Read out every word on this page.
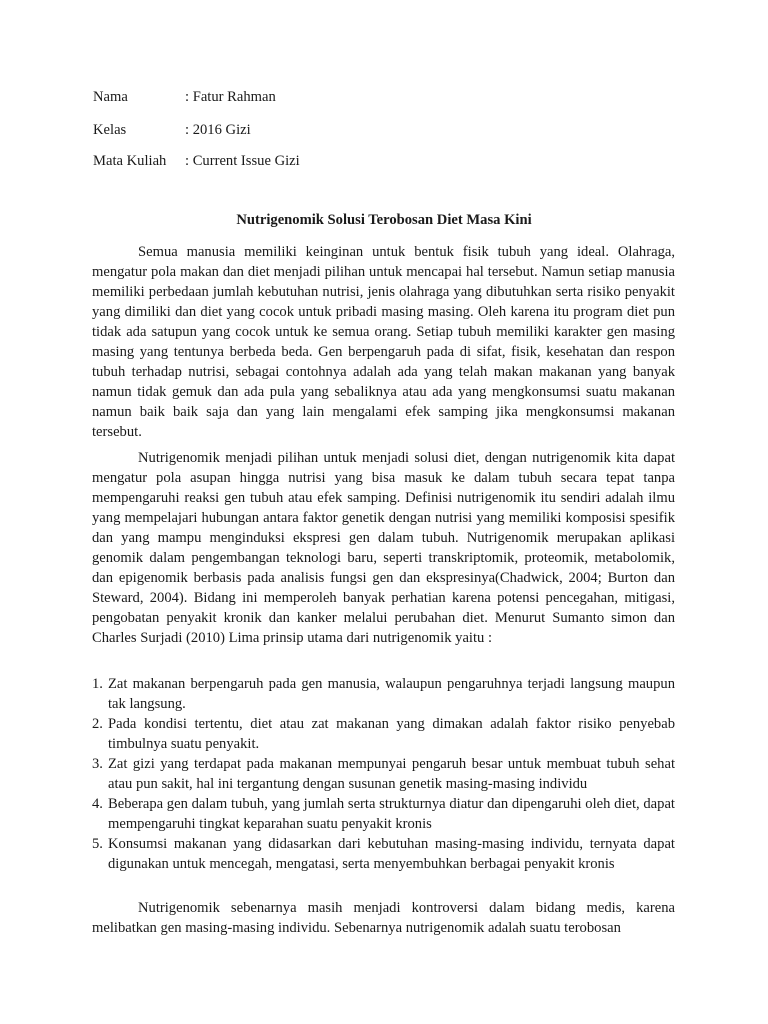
Nama	: Fatur Rahman
Kelas	: 2016 Gizi
Mata Kuliah : Current Issue Gizi
Nutrigenomik Solusi Terobosan Diet Masa Kini

Semua manusia memiliki keinginan untuk bentuk fisik tubuh yang ideal. Olahraga, mengatur pola makan dan diet menjadi pilihan untuk mencapai hal tersebut. Namun setiap manusia memiliki perbedaan jumlah kebutuhan nutrisi, jenis olahraga yang dibutuhkan serta risiko penyakit yang dimiliki dan diet yang cocok untuk pribadi masing masing. Oleh karena itu program diet pun tidak ada satupun yang cocok untuk ke semua orang. Setiap tubuh memiliki karakter gen masing masing yang tentunya berbeda beda. Gen berpengaruh pada di sifat, fisik, kesehatan dan respon tubuh terhadap nutrisi, sebagai contohnya adalah ada yang telah makan makanan yang banyak namun tidak gemuk dan ada pula yang sebaliknya atau ada yang mengkonsumsi suatu makanan namun baik baik saja dan yang lain mengalami efek samping jika mengkonsumsi makanan tersebut.

Nutrigenomik menjadi pilihan untuk menjadi solusi diet, dengan nutrigenomik kita dapat mengatur pola asupan hingga nutrisi yang bisa masuk ke dalam tubuh secara tepat tanpa mempengaruhi reaksi gen tubuh atau efek samping. Definisi nutrigenomik itu sendiri adalah ilmu yang mempelajari hubungan antara faktor genetik dengan nutrisi yang memiliki komposisi spesifik dan yang mampu menginduksi ekspresi gen dalam tubuh. Nutrigenomik merupakan aplikasi genomik dalam pengembangan teknologi baru, seperti transkriptomik, proteomik, metabolomik, dan epigenomik berbasis pada analisis fungsi gen dan ekspresinya(Chadwick, 2004; Burton dan Steward, 2004). Bidang ini memperoleh banyak perhatian karena potensi pencegahan, mitigasi, pengobatan penyakit kronik dan kanker melalui perubahan diet. Menurut Sumanto simon dan Charles Surjadi (2010) Lima prinsip utama dari nutrigenomik yaitu :

1. Zat makanan berpengaruh pada gen manusia, walaupun pengaruhnya terjadi langsung maupun tak langsung.
2. Pada kondisi tertentu, diet atau zat makanan yang dimakan adalah faktor risiko penyebab timbulnya suatu penyakit.
3. Zat gizi yang terdapat pada makanan mempunyai pengaruh besar untuk membuat tubuh sehat atau pun sakit, hal ini tergantung dengan susunan genetik masing-masing individu
4. Beberapa gen dalam tubuh, yang jumlah serta strukturnya diatur dan dipengaruhi oleh diet, dapat mempengaruhi tingkat keparahan suatu penyakit kronis
5. Konsumsi makanan yang didasarkan dari kebutuhan masing-masing individu, ternyata dapat digunakan untuk mencegah, mengatasi, serta menyembuhkan berbagai penyakit kronis

Nutrigenomik sebenarnya masih menjadi kontroversi dalam bidang medis, karena melibatkan gen masing-masing individu. Sebenarnya nutrigenomik adalah suatu terobosan
